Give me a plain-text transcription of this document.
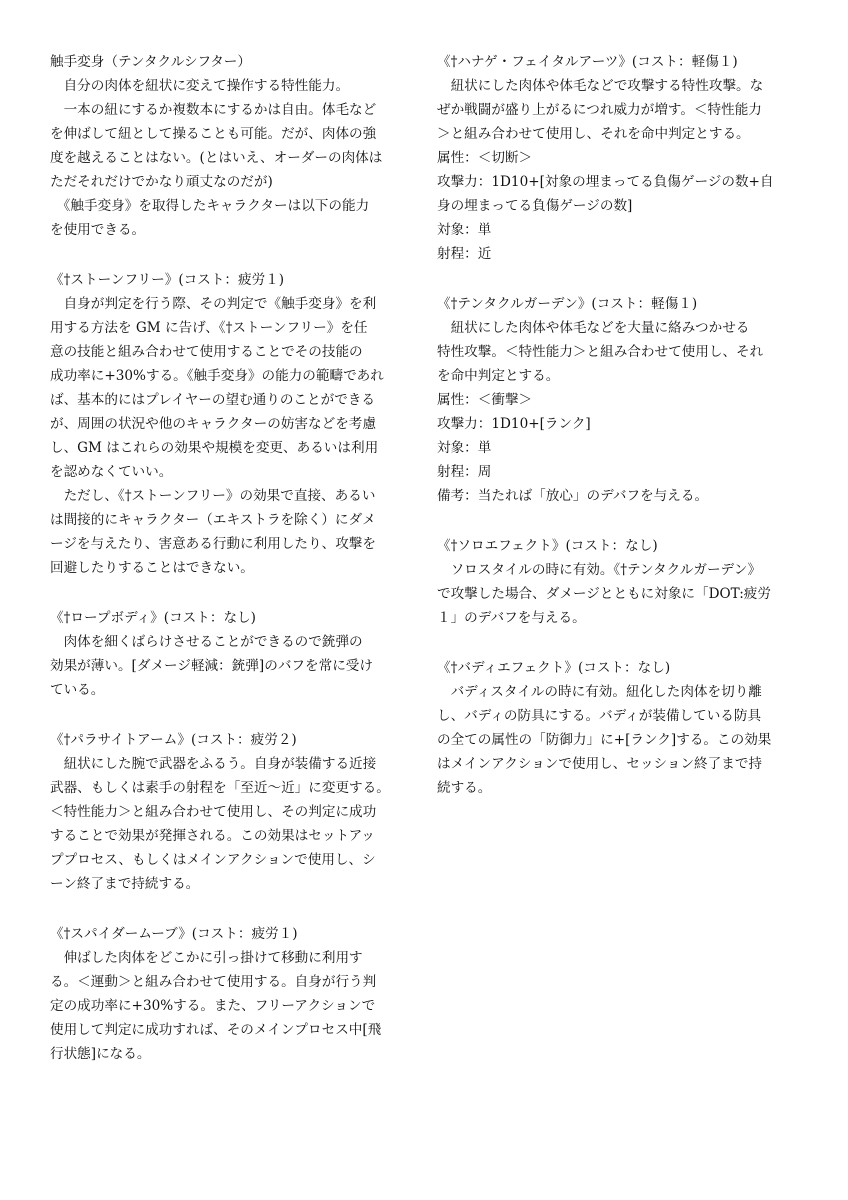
触手変身（テンタクルシフター）
　自分の肉体を紐状に変えて操作する特性能力。
　一本の紐にするか複数本にするかは自由。体毛など
を伸ばして紐として操ることも可能。だが、肉体の強
度を越えることはない。(とはいえ、オーダーの肉体は
ただそれだけでかなり頑丈なのだが)
　《触手変身》を取得したキャラクターは以下の能力
を使用できる。
《†ストーンフリー》(コスト：疲労１)
　自身が判定を行う際、その判定で《触手変身》を利
用する方法を GM に告げ、《†ストーンフリー》を任
意の技能と組み合わせて使用することでその技能の
成功率に+30%する。《触手変身》の能力の範疇であれ
ば、基本的にはプレイヤーの望む通りのことができる
が、周囲の状況や他のキャラクターの妨害などを考慮
し、GM はこれらの効果や規模を変更、あるいは利用
を認めなくていい。
　ただし、《†ストーンフリー》の効果で直接、あるい
は間接的にキャラクター（エキストラを除く）にダメ
ージを与えたり、害意ある行動に利用したり、攻撃を
回避したりすることはできない。
《†ロープボディ》(コスト：なし)
　肉体を細くばらけさせることができるので銃弾の
効果が薄い。[ダメージ軽減：銃弾]のバフを常に受け
ている。
《†パラサイトアーム》(コスト：疲労２)
　紐状にした腕で武器をふるう。自身が装備する近接
武器、もしくは素手の射程を「至近～近」に変更する。
＜特性能力＞と組み合わせて使用し、その判定に成功
することで効果が発揮される。この効果はセットアッ
ププロセス、もしくはメインアクションで使用し、シ
ーン終了まで持続する。
《†スパイダームーブ》(コスト：疲労１)
　伸ばした肉体をどこかに引っ掛けて移動に利用す
る。＜運動＞と組み合わせて使用する。自身が行う判
定の成功率に+30%する。また、フリーアクションで
使用して判定に成功すれば、そのメインプロセス中[飛
行状態]になる。
《†ハナゲ・フェイタルアーツ》(コスト：軽傷１)
　紐状にした肉体や体毛などで攻撃する特性攻撃。な
ぜか戦闘が盛り上がるにつれ威力が増す。＜特性能力
＞と組み合わせて使用し、それを命中判定とする。
属性：＜切断＞
攻撃力：1D10+[対象の埋まってる負傷ゲージの数+自
身の埋まってる負傷ゲージの数]
対象：単
射程：近
《†テンタクルガーデン》(コスト：軽傷１)
　紐状にした肉体や体毛などを大量に絡みつかせる
特性攻撃。＜特性能力＞と組み合わせて使用し、それ
を命中判定とする。
属性：＜衝撃＞
攻撃力：1D10+[ランク]
対象：単
射程：周
備考：当たれば「放心」のデバフを与える。
《†ソロエフェクト》(コスト：なし)
　ソロスタイルの時に有効。《†テンタクルガーデン》
で攻撃した場合、ダメージとともに対象に「DOT:疲労
１」のデバフを与える。
《†バディエフェクト》(コスト：なし)
　バディスタイルの時に有効。紐化した肉体を切り離
し、バディの防具にする。バディが装備している防具
の全ての属性の「防御力」に+[ランク]する。この効果
はメインアクションで使用し、セッション終了まで持
続する。
